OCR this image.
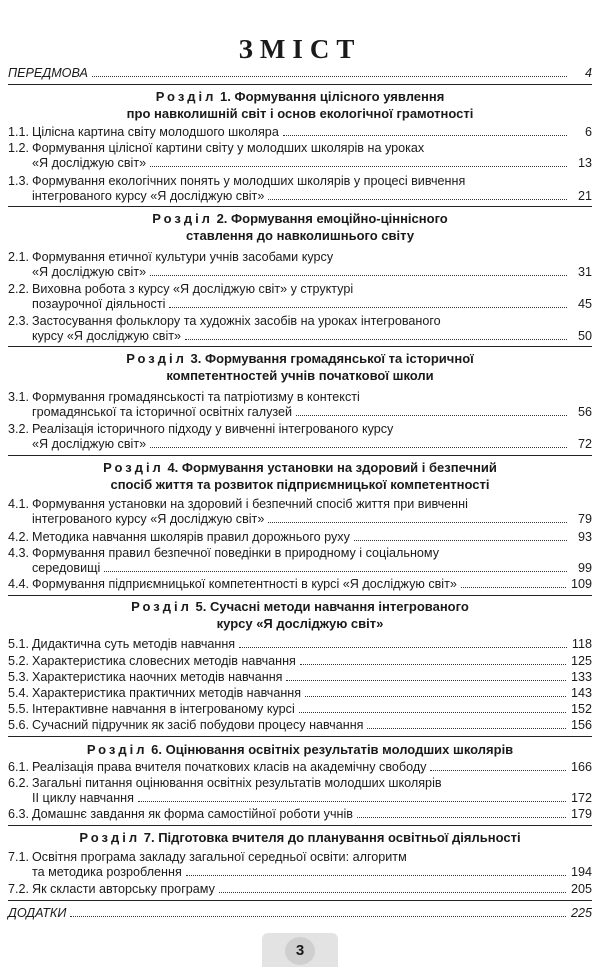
ЗМІСТ
ПЕРЕДМОВА	4
Розділ 1. Формування цілісного уявлення
про навколишній світ і основ екологічної грамотності
1.1. Цілісна картина світу молодшого школяра	6
1.2. Формування цілісної картини світу у молодших школярів на уроках
«Я досліджую світ»	13
1.3. Формування екологічних понять у молодших школярів у процесі вивчення
інтегрованого курсу «Я досліджую світ»	21
Розділ 2. Формування емоційно-ціннісного
ставлення до навколишнього світу
2.1. Формування етичної культури учнів засобами курсу
«Я досліджую світ»	31
2.2. Виховна робота з курсу «Я досліджую світ» у структурі
позаурочної діяльності	45
2.3. Застосування фольклору та художніх засобів на уроках інтегрованого
курсу «Я досліджую світ»	50
Розділ 3. Формування громадянської та історичної
компетентностей учнів початкової школи
3.1. Формування громадянськості та патріотизму в контексті
громадянської та історичної освітніх галузей	56
3.2. Реалізація історичного підходу у вивченні інтегрованого курсу
«Я досліджую світ»	72
Розділ 4. Формування установки на здоровий і безпечний
спосіб життя та розвиток підприємницької компетентності
4.1. Формування установки на здоровий і безпечний спосіб життя при вивченні
інтегрованого курсу «Я досліджую світ»	79
4.2. Методика навчання школярів правил дорожнього руху	93
4.3. Формування правил безпечної поведінки в природному і соціальному
середовищі	99
4.4. Формування підприємницької компетентності в курсі «Я досліджую світ»	109
Розділ 5. Сучасні методи навчання інтегрованого
курсу «Я досліджую світ»
5.1. Дидактична суть методів навчання	118
5.2. Характеристика словесних методів навчання	125
5.3. Характеристика наочних методів навчання	133
5.4. Характеристика практичних методів навчання	143
5.5. Інтерактивне навчання в інтегрованому курсі	152
5.6. Сучасний підручник як засіб побудови процесу навчання	156
Розділ 6. Оцінювання освітніх результатів молодших школярів
6.1. Реалізація права вчителя початкових класів на академічну свободу	166
6.2. Загальні питання оцінювання освітніх результатів молодших школярів
II циклу навчання	172
6.3. Домашнє завдання як форма самостійної роботи учнів	179
Розділ 7. Підготовка вчителя до планування освітньої діяльності
7.1. Освітня програма закладу загальної середньої освіти: алгоритм
та методика розроблення	194
7.2. Як скласти авторську програму	205
ДОДАТКИ	225
3
